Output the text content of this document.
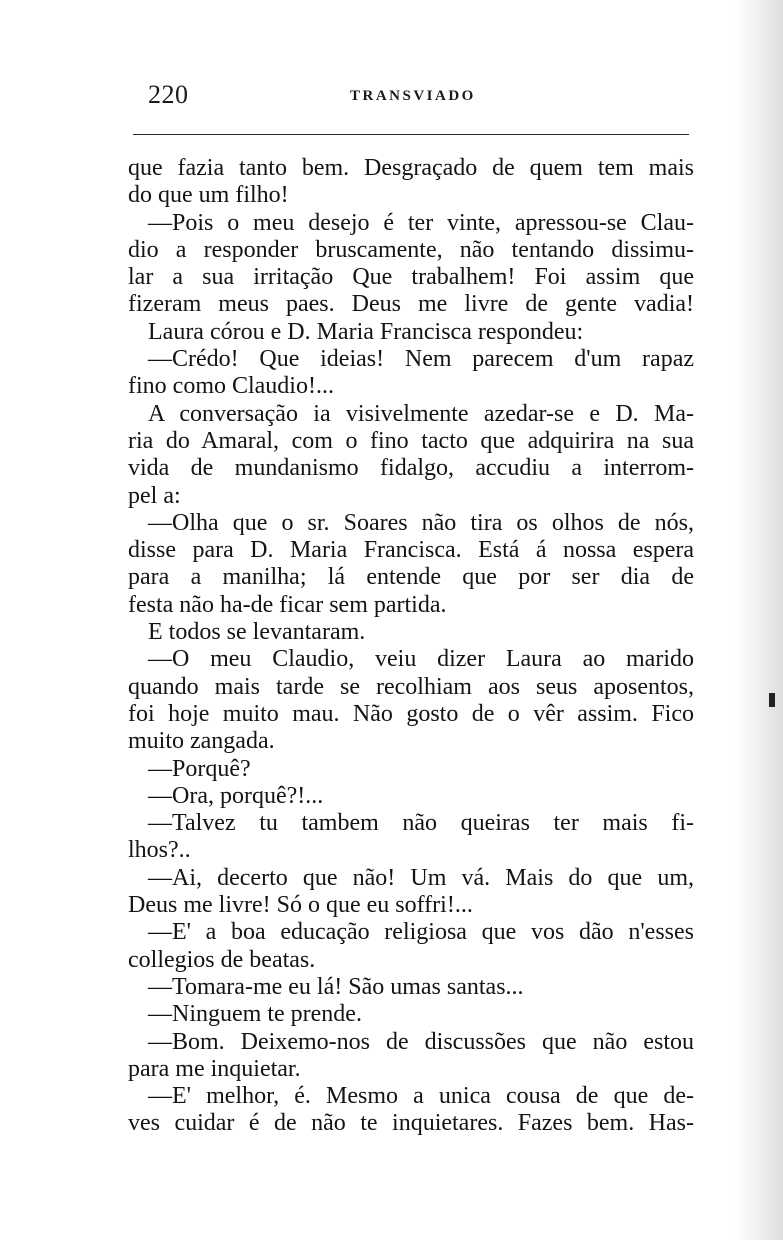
220	TRANSVIADO
que fazia tanto bem. Desgraçado de quem tem mais
do que um filho!
—Pois o meu desejo é ter vinte, apressou-se Clau-
dio a responder bruscamente, não tentando dissimu-
lar a sua irritação Que trabalhem! Foi assim que
fizeram meus paes. Deus me livre de gente vadia!
Laura córou e D. Maria Francisca respondeu:
—Crédo! Que ideias! Nem parecem d'um rapaz
fino como Claudio!...
A conversação ia visivelmente azedar-se e D. Ma-
ria do Amaral, com o fino tacto que adquirira na sua
vida de mundanismo fidalgo, accudiu a interrom-
pel a:
—Olha que o sr. Soares não tira os olhos de nós,
disse para D. Maria Francisca. Está á nossa espera
para a manilha; lá entende que por ser dia de
festa não ha-de ficar sem partida.
E todos se levantaram.
—O meu Claudio, veiu dizer Laura ao marido
quando mais tarde se recolhiam aos seus aposentos,
foi hoje muito mau. Não gosto de o vêr assim. Fico
muito zangada.
—Porquê?
—Ora, porquê?!...
—Talvez tu tambem não queiras ter mais fi-
lhos?..
—Ai, decerto que não! Um vá. Mais do que um,
Deus me livre! Só o que eu soffri!...
—E' a boa educação religiosa que vos dão n'esses
collegios de beatas.
—Tomara-me eu lá! São umas santas...
—Ninguem te prende.
—Bom. Deixemo-nos de discussões que não estou
para me inquietar.
—E' melhor, é. Mesmo a unica cousa de que de-
ves cuidar é de não te inquietares. Fazes bem. Has-
